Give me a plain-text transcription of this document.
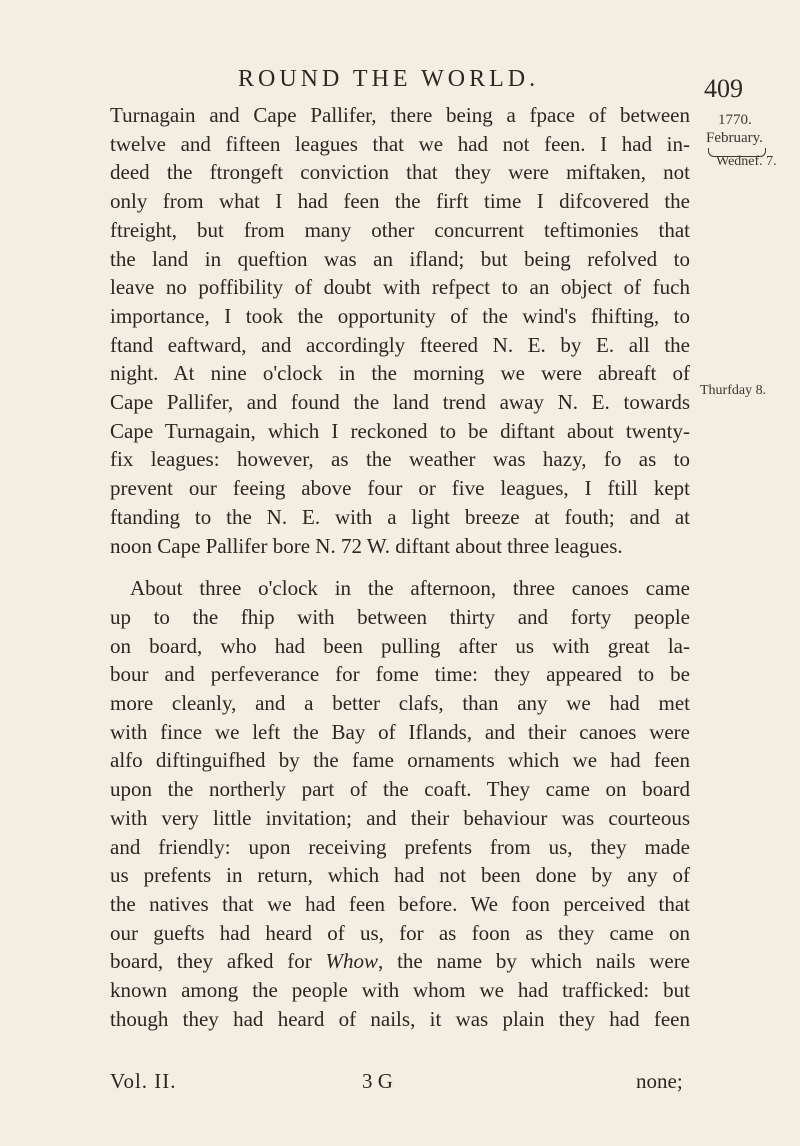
ROUND THE WORLD.	409
1770.
February.
Wednef. 7.
Thurfday 8.
Turnagain and Cape Pallifer, there being a fpace of between
twelve and fifteen leagues that we had not feen. I had in-
deed the ftrongeft conviction that they were miftaken, not
only from what I had feen the firft time I difcovered the
ftreight, but from many other concurrent teftimonies that
the land in queftion was an ifland; but being refolved to
leave no poffibility of doubt with refpect to an object of fuch
importance, I took the opportunity of the wind's fhifting, to
ftand eaftward, and accordingly fteered N. E. by E. all the
night. At nine o'clock in the morning we were abreaft of
Cape Pallifer, and found the land trend away N. E. towards
Cape Turnagain, which I reckoned to be diftant about twenty-
fix leagues: however, as the weather was hazy, fo as to
prevent our feeing above four or five leagues, I ftill kept
ftanding to the N. E. with a light breeze at fouth; and at
noon Cape Pallifer bore N. 72 W. diftant about three leagues.
About three o'clock in the afternoon, three canoes came
up to the fhip with between thirty and forty people
on board, who had been pulling after us with great la-
bour and perfeverance for fome time: they appeared to be
more cleanly, and a better clafs, than any we had met
with fince we left the Bay of Iflands, and their canoes were
alfo diftinguifhed by the fame ornaments which we had feen
upon the northerly part of the coaft. They came on board
with very little invitation; and their behaviour was courteous
and friendly: upon receiving prefents from us, they made
us prefents in return, which had not been done by any of
the natives that we had feen before. We foon perceived that
our guefts had heard of us, for as foon as they came on
board, they afked for Whow, the name by which nails were
known among the people with whom we had trafficked: but
though they had heard of nails, it was plain they had feen
Vol. II.	3 G	none;
